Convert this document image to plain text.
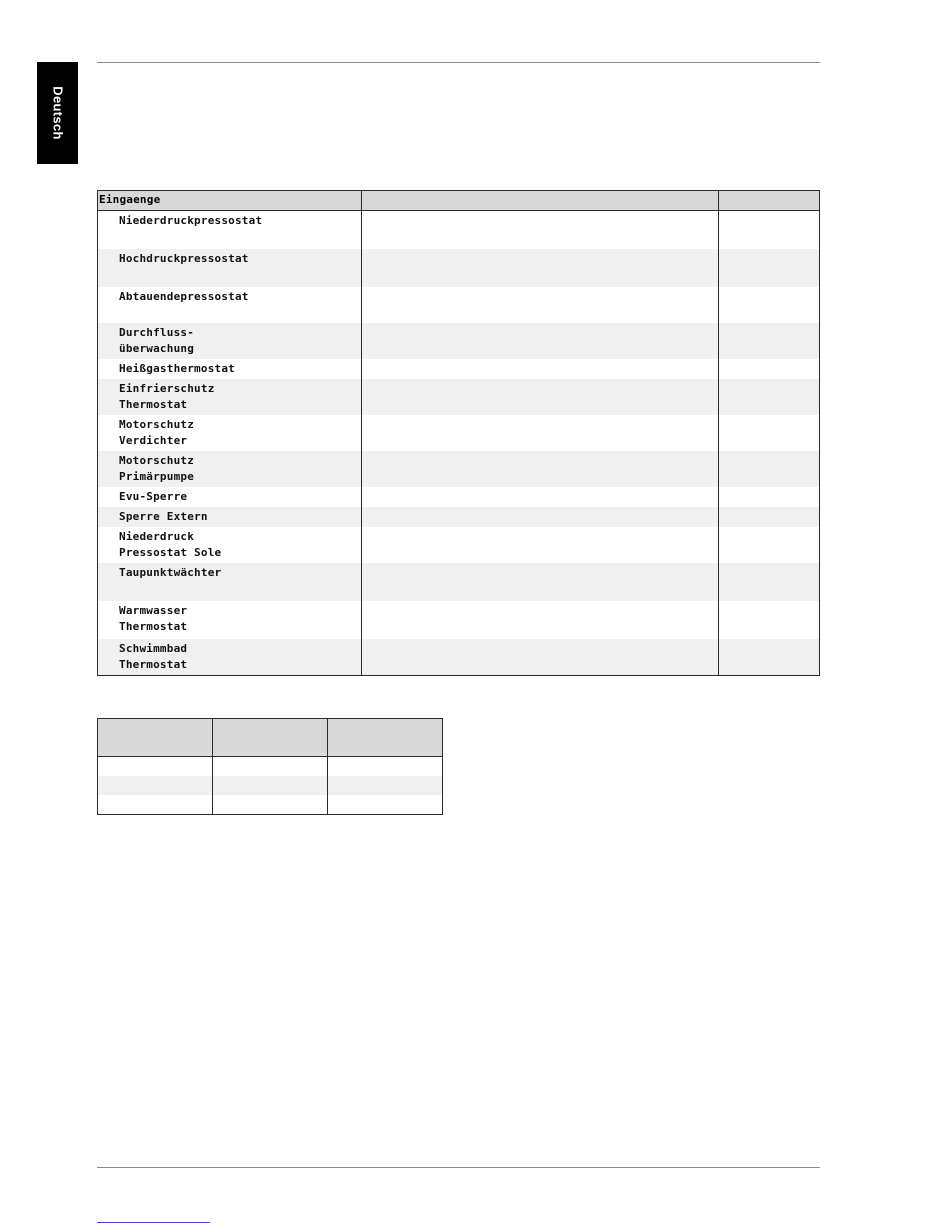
Deutsch
Eingaenge
Niederdruckpressostat
Hochdruckpressostat
Abtauendepressostat
Durchfluss-
überwachung
Heißgasthermostat
Einfrierschutz
Thermostat
Motorschutz
Verdichter
Motorschutz
Primärpumpe
Evu-Sperre
Sperre Extern
Niederdruck
Pressostat Sole
Taupunktwächter
Warmwasser
Thermostat
Schwimmbad
Thermostat
